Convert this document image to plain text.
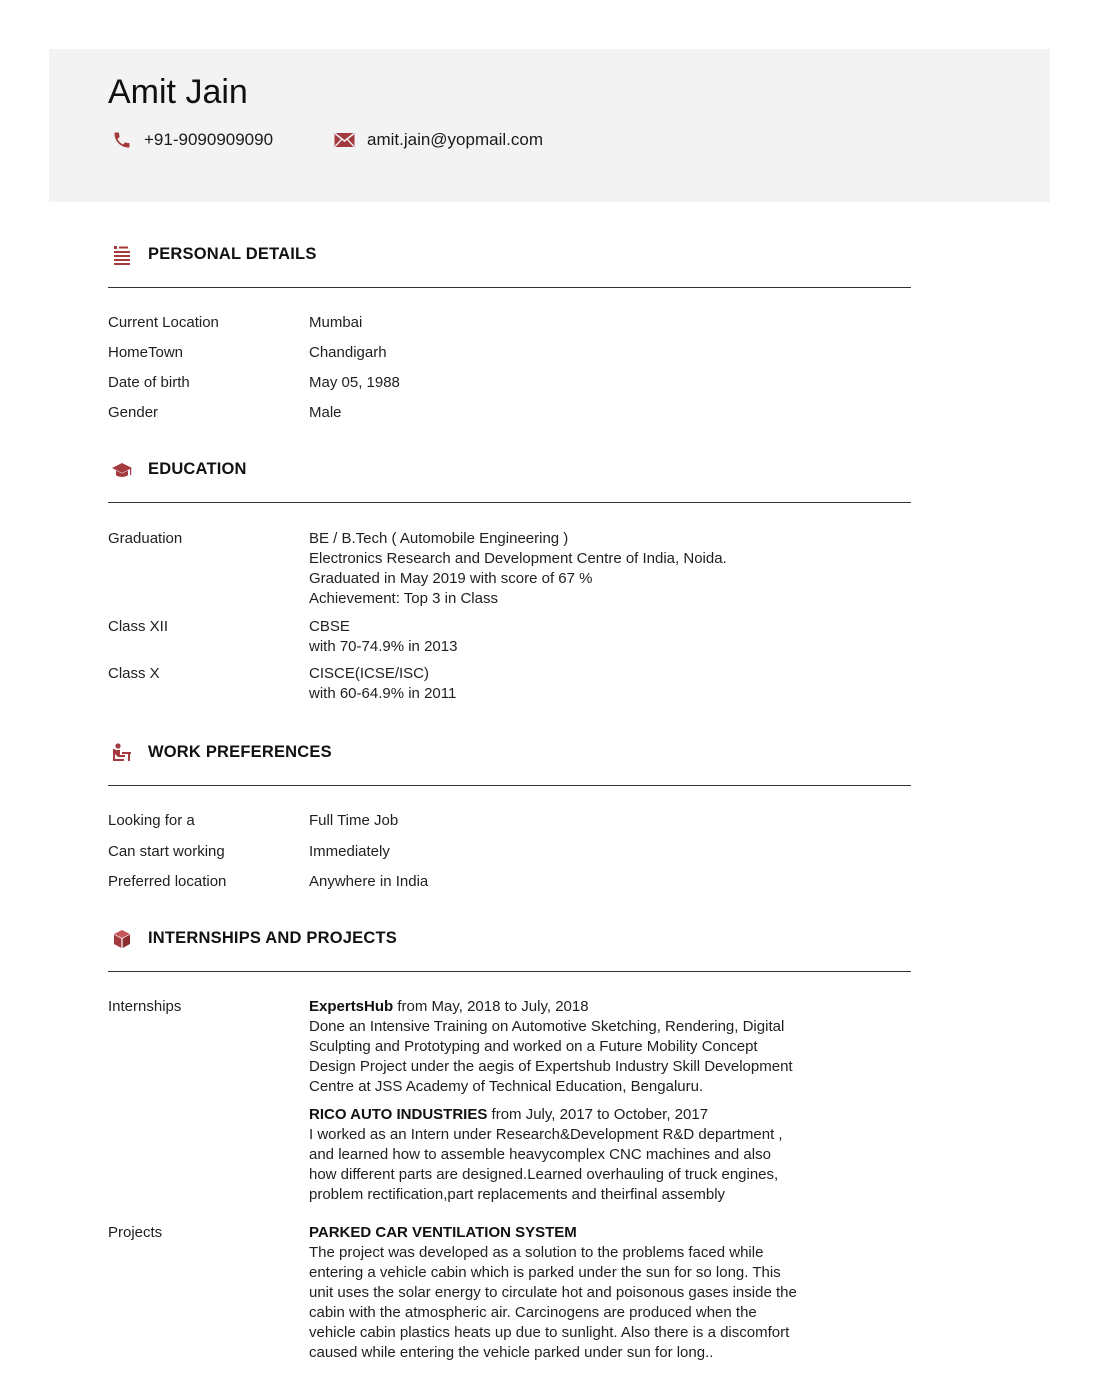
Amit Jain
+91-9090909090	amit.jain@yopmail.com
PERSONAL DETAILS
Current Location	Mumbai
HomeTown	Chandigarh
Date of birth	May 05, 1988
Gender	Male
EDUCATION
Graduation	BE / B.Tech ( Automobile Engineering )
Electronics Research and Development Centre of India, Noida.
Graduated in May 2019 with score of 67 %
Achievement: Top 3 in Class
Class XII	CBSE
with 70-74.9% in 2013
Class X	CISCE(ICSE/ISC)
with 60-64.9% in 2011
WORK PREFERENCES
Looking for a	Full Time Job
Can start working	Immediately
Preferred location	Anywhere in India
INTERNSHIPS AND PROJECTS
Internships	ExpertsHub from May, 2018 to July, 2018
Done an Intensive Training on Automotive Sketching, Rendering, Digital
Sculpting and Prototyping and worked on a Future Mobility Concept
Design Project under the aegis of Expertshub Industry Skill Development
Centre at JSS Academy of Technical Education, Bengaluru.
RICO AUTO INDUSTRIES from July, 2017 to October, 2017
I worked as an Intern under Research&Development R&D department ,
and learned how to assemble heavycomplex CNC machines and also
how different parts are designed.Learned overhauling of truck engines,
problem rectification,part replacements and theirfinal assembly
Projects	PARKED CAR VENTILATION SYSTEM
The project was developed as a solution to the problems faced while
entering a vehicle cabin which is parked under the sun for so long. This
unit uses the solar energy to circulate hot and poisonous gases inside the
cabin with the atmospheric air. Carcinogens are produced when the
vehicle cabin plastics heats up due to sunlight. Also there is a discomfort
caused while entering the vehicle parked under sun for long..
